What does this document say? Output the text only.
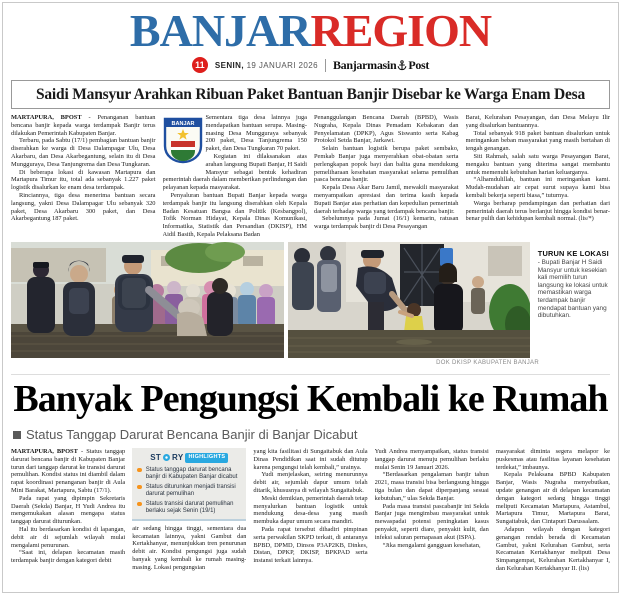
BANJARREGION
11	SENIN, 19 JANUARI 2026 Banjarmasin Post
Saidi Mansyur Arahkan Ribuan Paket Bantuan Banjir Disebar ke Warga Enam Desa

MARTAPURA, BPOST - Penanganan bantuan bencana banjir kepada warga terdampak Banjir terus dilakukan Pemerintah Kabupaten Banjar.

Terbaru, pada Sabtu (17/1) pembagian bantuan banjir diserahkan ke warga di Desa Dalampagar Ulu, Desa Akarbaru, dan Desa Akarbegantung, selain itu di Desa Mungguraya, Desa Tanjungrema dan Desa Tungkaran.

Di beberapa lokasi di kawasan Martapura dan Martapura Timur itu, total ada sebanyak 1.227 paket logistik disalurkan ke enam desa terdampak.

Rinciannya, tiga desa menerima bantuan secara langsung, yakni Desa Dalampagar Ulu sebanyak 320 paket, Desa Akarbaru 300 paket, dan Desa Akarbegantung 187 paket.

BANJAR

Sementara tiga desa lainnya juga mendapatkan bantuan serupa. Masing-masing Desa Mungguraya sebanyak 200 paket, Desa Tanjungrema 150 paket, dan Desa Tungkaran 70 paket.

Kegiatan ini dilaksanakan atas arahan langsung Bupati Banjar, H Saidi Mansyur sebagai bentuk kehadiran pemerintah daerah dalam memberikan perlindungan dan pelayanan kepada masyarakat.

Penyaluran bantuan Bupati Banjar kepada warga terdampak banjir itu langsung diserahkan oleh Kepala Badan Kesatuan Bangsa dan Politik (Kesbangpol), Tofik Norman Hidayat, Kepala Dinas Komunikasi, Informatika, Statistik dan Persandian (DKISP), HM Aidil Basith, Kepala Pelaksana Badan

Penanggulangan Bencana Daerah (BPBD), Wasis Nugraha, Kepala Dinas Pemadam Kebakaran dan Penyelamatan (DPKP), Agus Siswanto serta Kabag Protokol Setda Banjar, Jarkawi.

Selain bantuan logistik berupa paket sembako, Pemkab Banjar juga menyerahkan obat-obatan serta perlengkapan popok bayi dan balita guna mendukung pemeliharaan kesehatan masyarakat selama pemulihan pasca bencana banjir.

Kepala Desa Akar Baru Jamil, mewakili masyarakat menyampaikan apresiasi dan terima kasih kepada Bupati Banjar atas perhatian dan kepedulian pemerintah daerah terhadap warga yang terdampak bencana banjir.

Sebelumnya pada Jumat (16/1) kemarin, ratusan warga terdampak banjir di Desa Pesayangan

Barat, Kelurahan Pesayangan, dan Desa Melayu Ilir yang disalurkan bantuannya.

Total sebanyak 918 paket bantuan disalurkan untuk meringankan beban masyarakat yang masih bertahan di tengah genangan.

Siti Rahmah, salah satu warga Pesayangan Barat, mengaku bantuan yang diterima sangat membantu untuk memenuhi kebutuhan harian keluarganya.

“Alhamdulillah, bantuan ini meringankan kami. Mudah-mudahan air cepat surut supaya kami bisa kembali bekerja seperti biasa,” tuturnya.

Warga berharap pendampingan dan perhatian dari pemerintah daerah terus berlanjut hingga kondisi benar-benar pulih dan kehidupan kembali normal. (lis/*)

TURUN KE LOKASI
- Bupati Banjar H Saidi Mansyur untuk kesekian kali memilih turun langsung ke lokasi untuk memastikan warga terdampak banjir mendapat bantuan yang dibutuhkan.
DOK DKISP KABUPATEN BANJAR
Banyak Pengungsi Kembali ke Rumah
Status Tanggap Darurat Bencana Banjir di Banjar Dicabut

MARTAPURA, BPOST - Status tanggap darurat bencana banjir di Kabupaten Banjar turun dari tanggap darurat ke transisi darurat pemulihan. Kondisi status ini diambil dalam rapat koordinasi penanganan banjir di Aula Mini Barakat, Martapura, Sabtu (17/1).

Pada rapat yang dipimpin Sekretaris Daerah (Sekda) Banjar, H Yudi Andrea itu mengemukakan alasan mengapa status tanggap darurat diturunkan.

Hal itu berdasarkan kondisi di lapangan, debit air di sejumlah wilayah mulai mengalami penurunan.

“Saat ini, delapan kecamatan masih terdampak banjir dengan kategori debit

ST RY HIGHLIGHTS
Status tanggap darurat bencana banjir di Kabupaten Banjar dicabut
Status diturunkan menjadi transisi darurat pemulihan
Status transisi darurat pemulihan berlaku sejak Senin (19/1)

air sedang hingga tinggi, sementara dua kecamatan lainnya, yakni Gambut dan Kertakhanyar, menunjukkan tren penurunan debit air. Kondisi pengungsi juga sudah banyak yang kembali ke rumah masing-masing. Lokasi pengungsian

yang kita fasilitasi di Sungaitabuk dan Aula Dinas Pendidikan saat ini sudah ditutup karena pengungsi telah kembali,” urainya.

Yudi menjelaskan, seiring menurunnya debit air, sejumlah dapur umum telah ditarik, khususnya di wilayah Sungaitabuk.

Meski demikian, pemerintah daerah tetap menyalurkan bantuan logistik untuk mendukung desa-desa yang masih membuka dapur umum secara mandiri.

Pada rapat tersebut dihadiri pimpinan serta perwakilan SKPD terkait, di antaranya BPBD, DPMD, Dinsos P3AP2KB, Dinkes, Distan, DPKP, DKISP, BPKPAD serta instansi terkait lainnya.

Yudi Andrea menyampaikan, status transisi tanggap darurat menuju pemulihan berlaku mulai Senin 19 Januari 2026.

“Berdasarkan pengalaman banjir tahun 2021, masa transisi bisa berlangsung hingga tiga bulan dan dapat diperpanjang sesuai kebutuhan,” ulas Sekda Banjar.

Pada masa transisi pascabanjir ini Sekda Banjar juga mengimbau masyarakat untuk mewaspadai potensi peningkatan kasus penyakit, seperti diare, penyakit kulit, dan infeksi saluran pernapasan akut (ISPA).

“Jika mengalami gangguan kesehatan,

masyarakat diminta segera melapor ke puskesmas atau fasilitas layanan kesehatan terdekat,” imbaunya.

Kepala Pelaksana BPBD Kabupaten Banjar, Wasis Nugraha menyebutkan, update genangan air di delapan kecamatan dengan kategori sedang hingga tinggi meliputi Kecamatan Martapura, Astambul, Martapura Timur, Martapura Barat, Sungaitabuk, dan Cintapuri Darussalam.

Adapun wilayah dengan kategori genangan rendah berada di Kecamatan Gambut, yakni Kelurahan Gambut, serta Kecamatan Kertakhanyar meliputi Desa Simpangempat, Kelurahan Kertakhanyar I, dan Kelurahan Kertakhanyar II. (lis)
